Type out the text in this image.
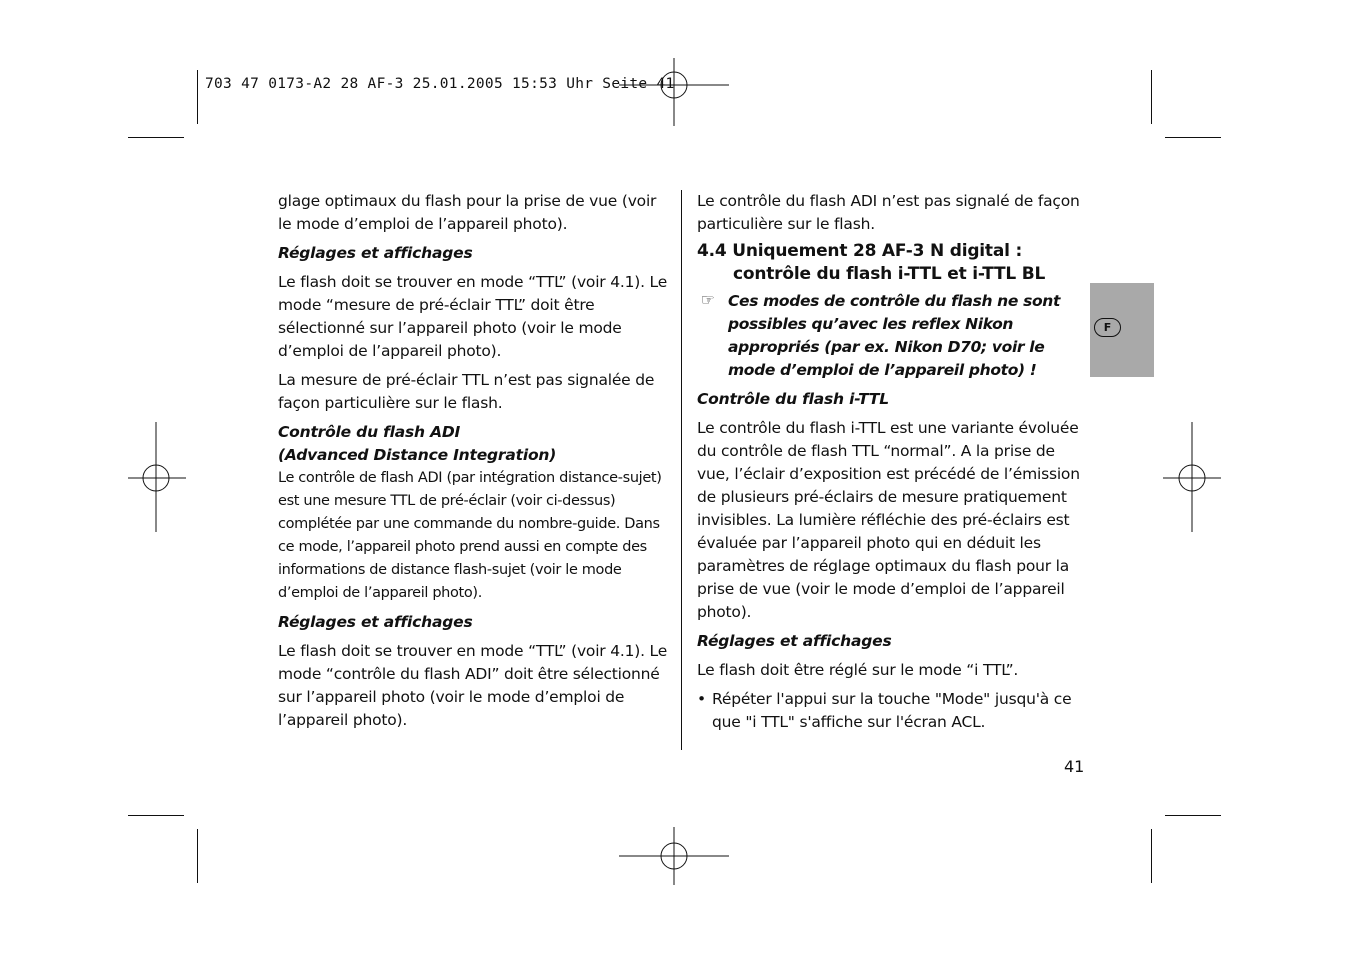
703 47 0173-A2 28 AF-3 25.01.2005 15:53 Uhr Seite 41

glage optimaux du flash pour la prise de vue (voir le mode d’emploi de l’appareil photo).

Réglages et affichages

Le flash doit se trouver en mode “TTL” (voir 4.1). Le mode “mesure de pré-éclair TTL” doit être sélectionné sur l’appareil photo (voir le mode d’emploi de l’appareil photo).

La mesure de pré-éclair TTL n’est pas signalée de façon particulière sur le flash.

Contrôle du flash ADI
(Advanced Distance Integration)

Le contrôle de flash ADI (par intégration distance-sujet) est une mesure TTL de pré-éclair (voir ci-dessus) complétée par une commande du nombre-guide. Dans ce mode, l’appareil photo prend aussi en compte des informations de distance flash-sujet (voir le mode d’emploi de l’appareil photo).

Réglages et affichages

Le flash doit se trouver en mode “TTL” (voir 4.1). Le mode “contrôle du flash ADI” doit être sélectionné sur l’appareil photo (voir le mode d’emploi de l’appareil photo).

Le contrôle du flash ADI n’est pas signalé de façon particulière sur le flash.

4.4 Uniquement 28 AF-3 N digital :
contrôle du flash i-TTL et i-TTL BL

☞ Ces modes de contrôle du flash ne sont possibles qu’avec les reflex Nikon appropriés (par ex. Nikon D70; voir le mode d’emploi de l’appareil photo) !

Contrôle du flash i-TTL

Le contrôle du flash i-TTL est une variante évoluée du contrôle de flash TTL “normal”. A la prise de vue, l’éclair d’exposition est précédé de l’émission de plusieurs pré-éclairs de mesure pratiquement invisibles. La lumière réfléchie des pré-éclairs est évaluée par l’appareil photo qui en déduit les paramètres de réglage optimaux du flash pour la prise de vue (voir le mode d’emploi de l’appareil photo).

Réglages et affichages

Le flash doit être réglé sur le mode “i TTL”.

• Répéter l'appui sur la touche "Mode" jusqu'à ce que "i TTL" s'affiche sur l'écran ACL.

F
41
